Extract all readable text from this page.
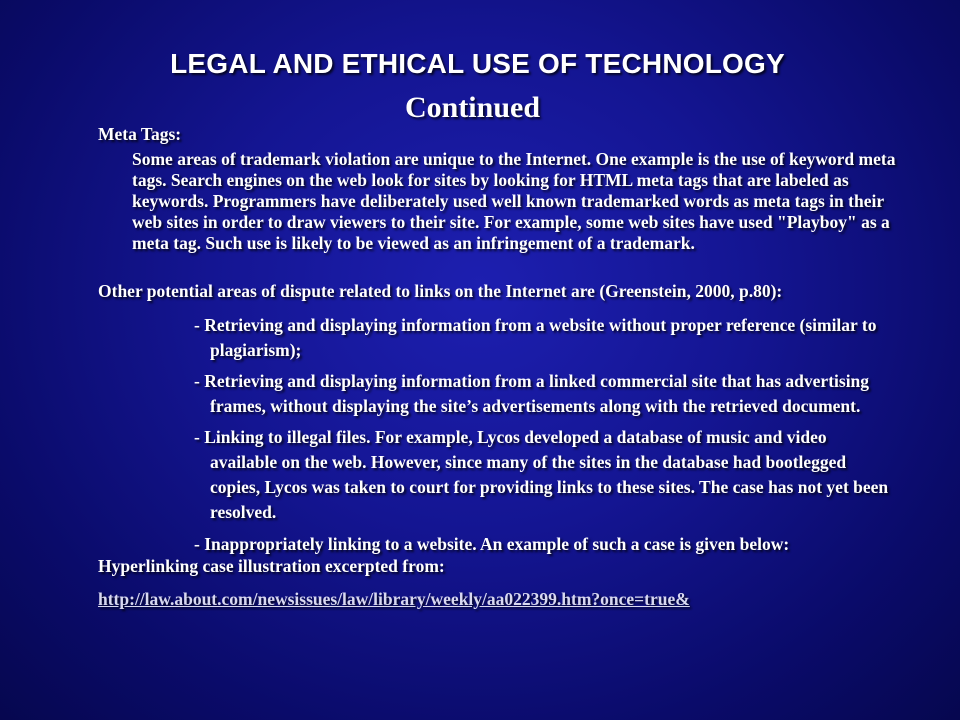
LEGAL AND ETHICAL USE OF TECHNOLOGY
Continued

Meta Tags:

Some areas of trademark violation are unique to the Internet. One example is the use of keyword meta tags. Search engines on the web look for sites by looking for HTML meta tags that are labeled as keywords. Programmers have deliberately used well known trademarked words as meta tags in their web sites in order to draw viewers to their site. For example, some web sites have used "Playboy" as a meta tag. Such use is likely to be viewed as an infringement of a trademark.

Other potential areas of dispute related to links on the Internet are (Greenstein, 2000, p.80):

- Retrieving and displaying information from a website without proper reference (similar to plagiarism);

- Retrieving and displaying information from a linked commercial site that has advertising frames, without displaying the site’s advertisements along with the retrieved document.

- Linking to illegal files. For example, Lycos developed a database of music and video available on the web. However, since many of the sites in the database had bootlegged copies, Lycos was taken to court for providing links to these sites. The case has not yet been resolved.

- Inappropriately linking to a website. An example of such a case is given below:

Hyperlinking case illustration excerpted from:

http://law.about.com/newsissues/law/library/weekly/aa022399.htm?once=true&
